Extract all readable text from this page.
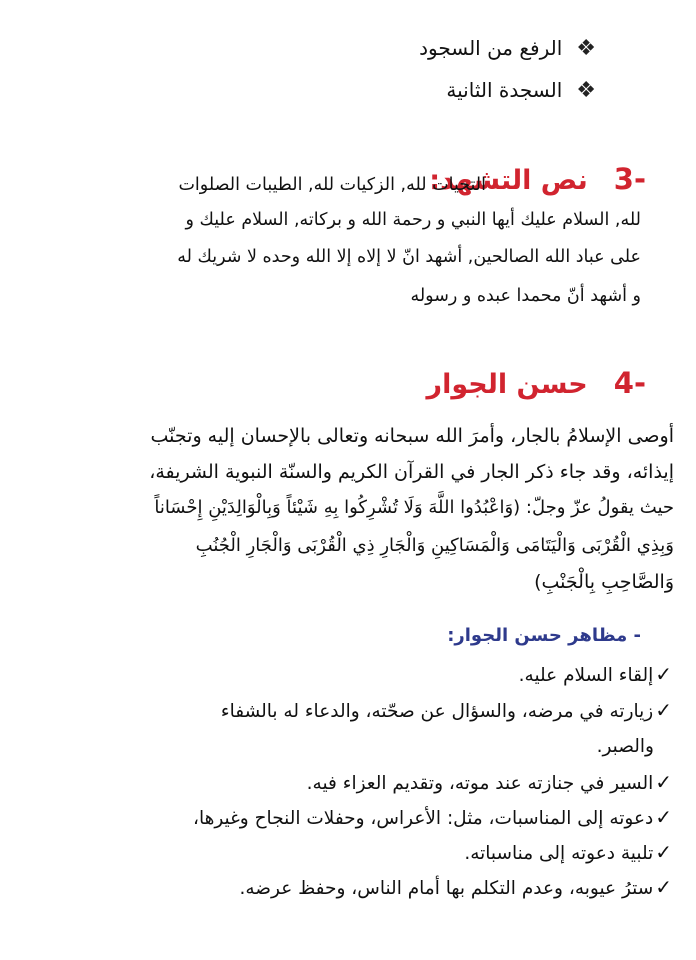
❖الرفع من السجود
❖السجدة الثانية
-3نص التشهد:
التحيات لله, الزكيات لله, الطيبات الصلوات
لله, السلام عليك أيها النبي و رحمة الله و بركاته, السلام عليك و
على عباد الله الصالحين, أشهد انّ لا إلاه إلا الله وحده لا شريك له
و أشهد أنّ محمدا عبده و رسوله
-4حسن الجوار
أوصى الإسلامُ بالجار، وأمرَ الله سبحانه وتعالى بالإحسان إليه وتجنّب
إيذائه، وقد جاء ذكر الجار في القرآن الكريم والسنّة النبوية الشريفة،
حيث يقولُ عزّ وجلّ: (وَاعْبُدُوا اللَّهَ وَلَا تُشْرِكُوا بِهِ شَيْئاً وَبِالْوَالِدَيْنِ إِحْسَاناً
وَبِذِي الْقُرْبَى وَالْيَتَامَى وَالْمَسَاكِينِ وَالْجَارِ ذِي الْقُرْبَى وَالْجَارِ الْجُنُبِ
وَالصَّاحِبِ بِالْجَنْبِ)
- مظاهر حسن الجوار:
✓إلقاء السلام عليه.
✓زيارته في مرضه، والسؤال عن صحّته، والدعاء له بالشفاء
والصبر.
✓السير في جنازته عند موته، وتقديم العزاء فيه.
✓دعوته إلى المناسبات، مثل: الأعراس، وحفلات النجاح وغيرها،
✓تلبية دعوته إلى مناسباته.
✓سترُ عيوبه، وعدم التكلم بها أمام الناس، وحفظ عرضه.
